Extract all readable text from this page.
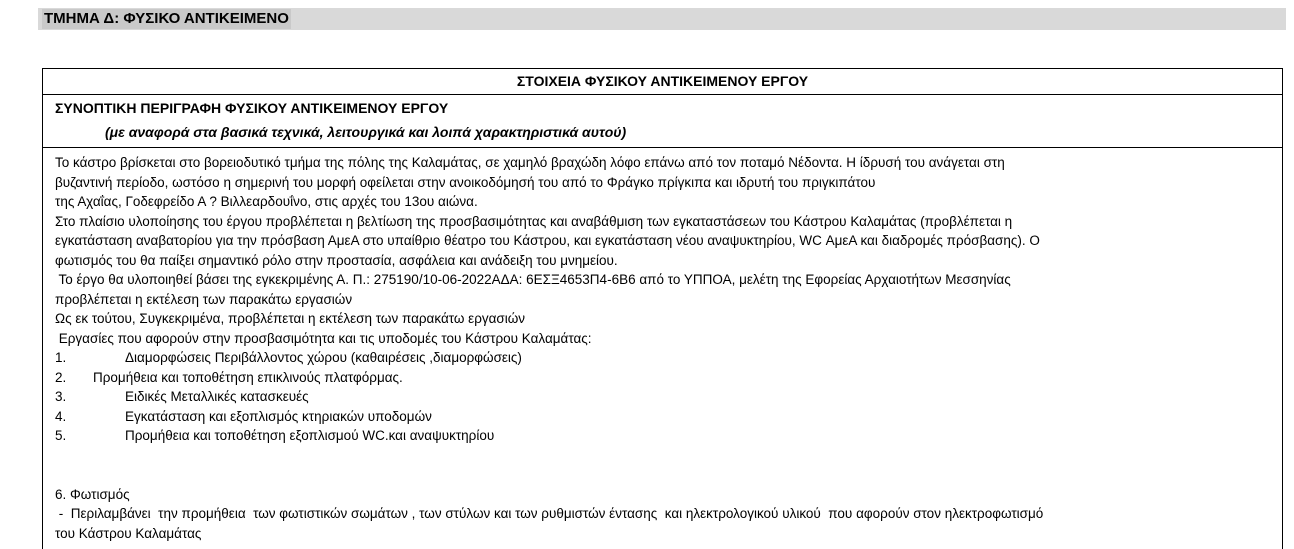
ΤΜΗΜΑ Δ: ΦΥΣΙΚΟ ΑΝΤΙΚΕΙΜΕΝΟ
ΣΤΟΙΧΕΙΑ ΦΥΣΙΚΟΥ ΑΝΤΙΚΕΙΜΕΝΟΥ ΕΡΓΟΥ
ΣΥΝΟΠΤΙΚΗ ΠΕΡΙΓΡΑΦΗ ΦΥΣΙΚΟΥ ΑΝΤΙΚΕΙΜΕΝΟΥ ΕΡΓΟΥ
(με αναφορά στα βασικά τεχνικά, λειτουργικά και λοιπά χαρακτηριστικά αυτού)

Το κάστρο βρίσκεται στο βορειοδυτικό τμήμα της πόλης της Καλαμάτας, σε χαμηλό βραχώδη λόφο επάνω από τον ποταμό Νέδοντα. Η ίδρυσή του ανάγεται στη

βυζαντινή περίοδο, ωστόσο η σημερινή του μορφή οφείλεται στην ανοικοδόμησή του από το Φράγκο πρίγκιπα και ιδρυτή του πριγκιπάτου

της Αχαΐας, Γοδεφρείδο Α ? Βιλλεαρδουΐνο, στις αρχές του 13ου αιώνα.

Στο πλαίσιο υλοποίησης του έργου προβλέπεται η βελτίωση της προσβασιμότητας και αναβάθμιση των εγκαταστάσεων του Κάστρου Καλαμάτας (προβλέπεται η

εγκατάσταση αναβατορίου για την πρόσβαση ΑμεΑ στο υπαίθριο θέατρο του Κάστρου, και εγκατάσταση νέου αναψυκτηρίου, WC ΑμεΑ και διαδρομές πρόσβασης). Ο

φωτισμός του θα παίξει σημαντικό ρόλο στην προστασία, ασφάλεια και ανάδειξη του μνημείου.

Το έργο θα υλοποιηθεί βάσει της εγκεκριμένης Α. Π.: 275190/10-06-2022ΑΔΑ: 6ΕΣΞ4653Π4-6Β6 από το ΥΠΠΟΑ, μελέτη της Εφορείας Αρχαιοτήτων Μεσσηνίας

προβλέπεται η εκτέλεση των παρακάτω εργασιών

Ως εκ τούτου, Συγκεκριμένα, προβλέπεται η εκτέλεση των παρακάτω εργασιών

Εργασίες που αφορούν στην προσβασιμότητα και τις υποδομές του Κάστρου Καλαμάτας:

1.	Διαμορφώσεις Περιβάλλοντος χώρου (καθαιρέσεις ,διαμορφώσεις)
2.	Προμήθεια και τοποθέτηση επικλινούς πλατφόρμας.
3.	Ειδικές Μεταλλικές κατασκευές
4.	Εγκατάσταση και εξοπλισμός κτηριακών υποδομών
5.	Προμήθεια και τοποθέτηση εξοπλισμού WC.και αναψυκτηρίου

6. Φωτισμός

-  Περιλαμβάνει  την προμήθεια  των φωτιστικών σωμάτων , των στύλων και των ρυθμιστών έντασης  και ηλεκτρολογικού υλικού  που αφορούν στον ηλεκτροφωτισμό

του Κάστρου Καλαμάτας
